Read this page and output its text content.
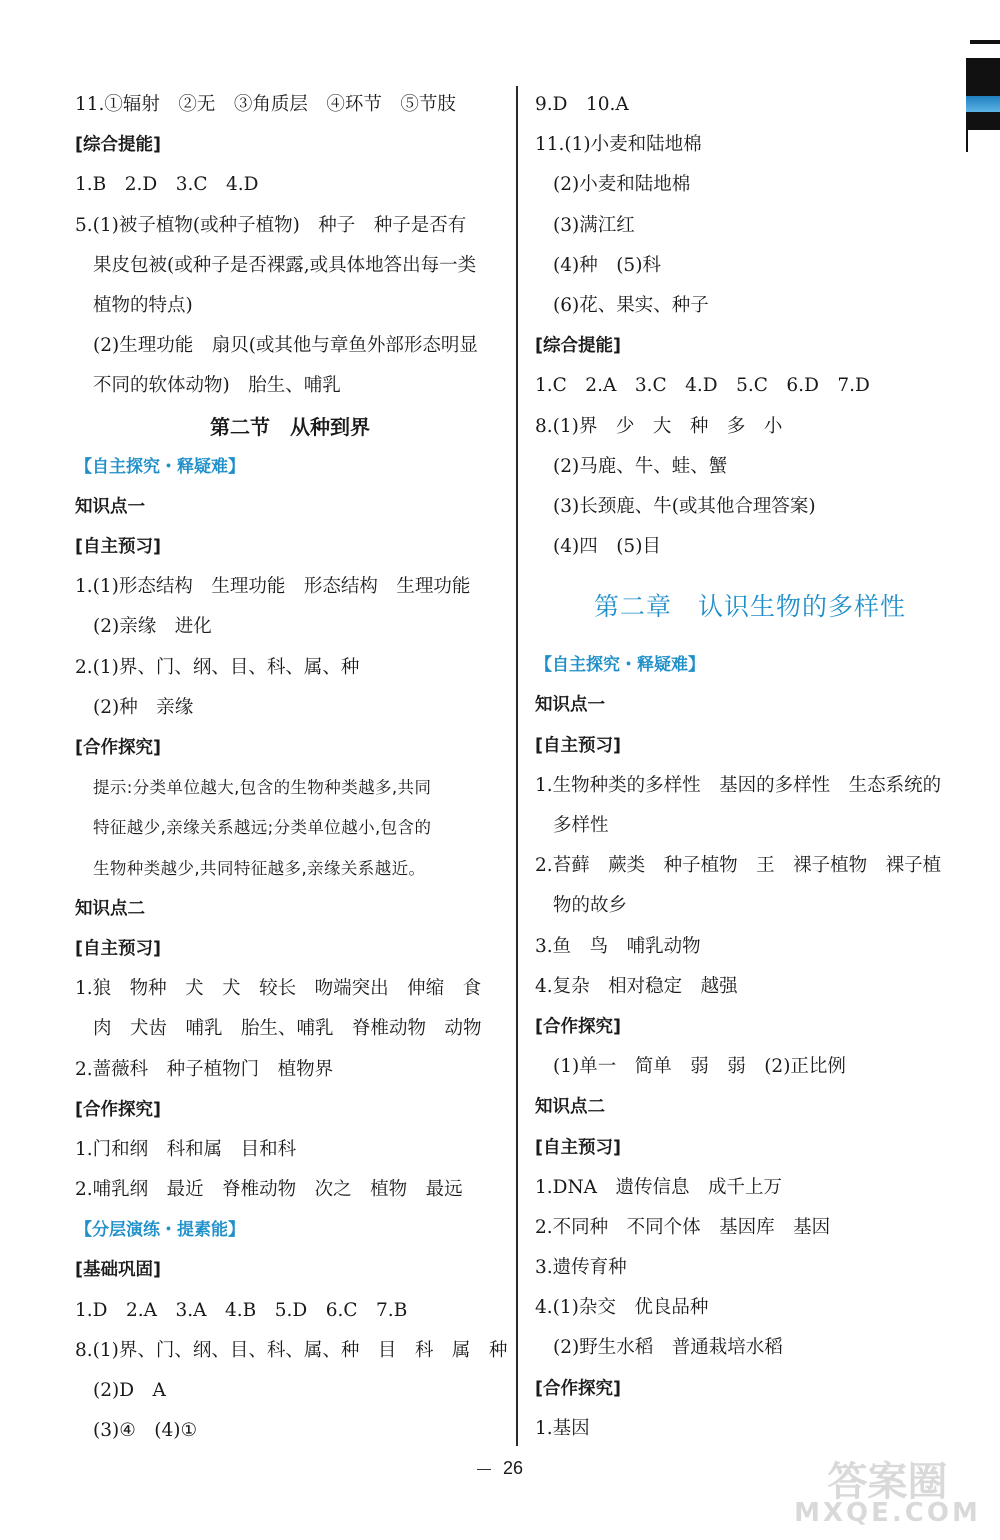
11.①辐射　②无　③角质层　④环节　⑤节肢
[综合提能]
1.B　2.D　3.C　4.D
5.(1)被子植物(或种子植物)　种子　种子是否有
果皮包被(或种子是否裸露,或具体地答出每一类
植物的特点)
(2)生理功能　扇贝(或其他与章鱼外部形态明显
不同的软体动物)　胎生、哺乳
第二节　从种到界
【自主探究・释疑难】
知识点一
[自主预习]
1.(1)形态结构　生理功能　形态结构　生理功能
(2)亲缘　进化
2.(1)界、门、纲、目、科、属、种
(2)种　亲缘
[合作探究]
提示:分类单位越大,包含的生物种类越多,共同
特征越少,亲缘关系越远;分类单位越小,包含的
生物种类越少,共同特征越多,亲缘关系越近。
知识点二
[自主预习]
1.狼　物种　犬　犬　较长　吻端突出　伸缩　食
肉　犬齿　哺乳　胎生、哺乳　脊椎动物　动物
2.蔷薇科　种子植物门　植物界
[合作探究]
1.门和纲　科和属　目和科
2.哺乳纲　最近　脊椎动物　次之　植物　最远
【分层演练・提素能】
[基础巩固]
1.D　2.A　3.A　4.B　5.D　6.C　7.B
8.(1)界、门、纲、目、科、属、种　目　科　属　种
(2)D　A
(3)④　(4)①
9.D　10.A
11.(1)小麦和陆地棉
(2)小麦和陆地棉
(3)满江红
(4)种　(5)科
(6)花、果实、种子
[综合提能]
1.C　2.A　3.C　4.D　5.C　6.D　7.D
8.(1)界　少　大　种　多　小
(2)马鹿、牛、蛙、蟹
(3)长颈鹿、牛(或其他合理答案)
(4)四　(5)目
第二章　认识生物的多样性
【自主探究・释疑难】
知识点一
[自主预习]
1.生物种类的多样性　基因的多样性　生态系统的
多样性
2.苔藓　蕨类　种子植物　王　裸子植物　裸子植
物的故乡
3.鱼　鸟　哺乳动物
4.复杂　相对稳定　越强
[合作探究]
(1)单一　简单　弱　弱　(2)正比例
知识点二
[自主预习]
1.DNA　遗传信息　成千上万
2.不同种　不同个体　基因库　基因
3.遗传育种
4.(1)杂交　优良品种
(2)野生水稻　普通栽培水稻
[合作探究]
1.基因
26	答案圈
MXQE.COM
